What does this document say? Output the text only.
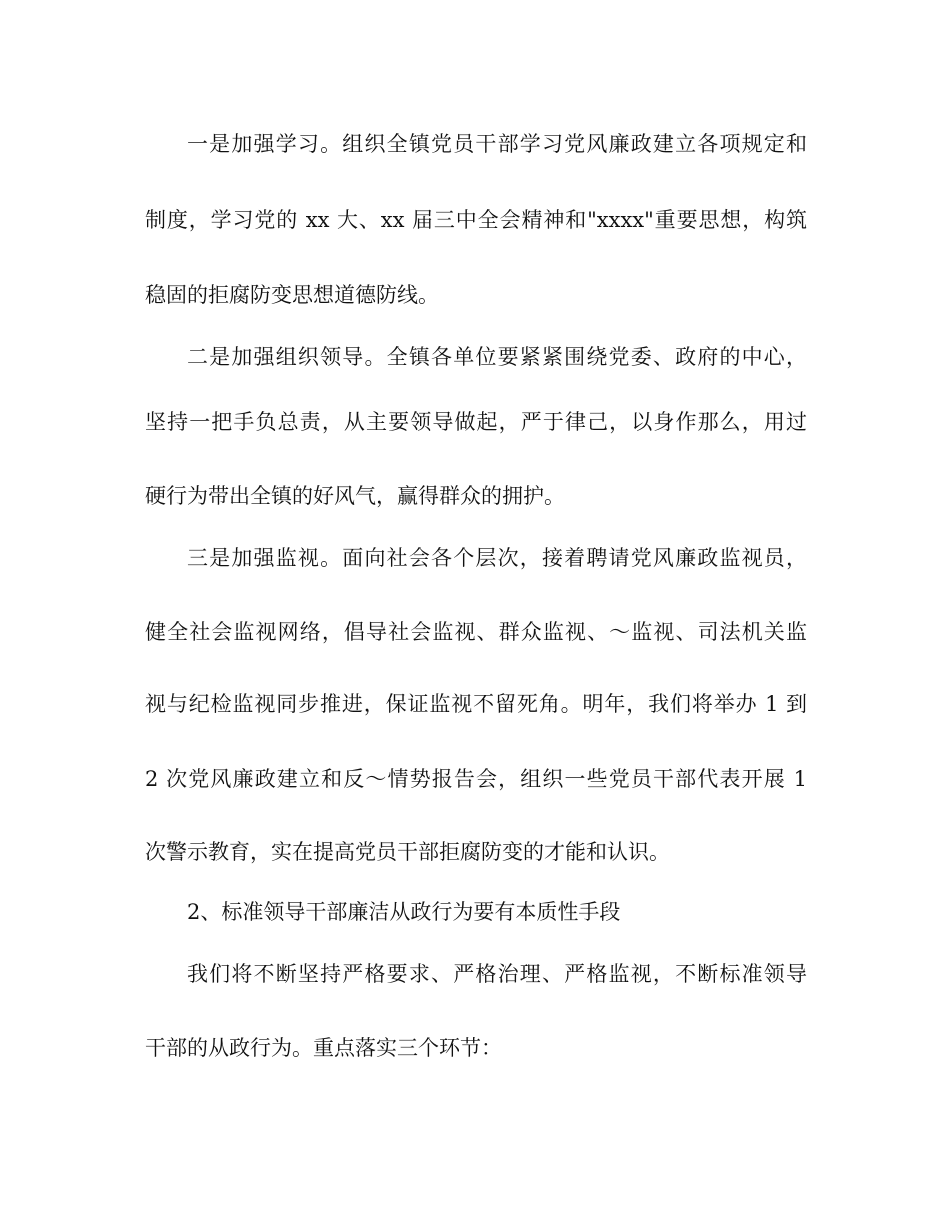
一是加强学习。组织全镇党员干部学习党风廉政建立各项规定和
制度，学习党的 xx 大、xx 届三中全会精神和"xxxx"重要思想，构筑
稳固的拒腐防变思想道德防线。
二是加强组织领导。全镇各单位要紧紧围绕党委、政府的中心，
坚持一把手负总责，从主要领导做起，严于律己，以身作那么，用过
硬行为带出全镇的好风气，赢得群众的拥护。
三是加强监视。面向社会各个层次，接着聘请党风廉政监视员，
健全社会监视网络，倡导社会监视、群众监视、～监视、司法机关监
视与纪检监视同步推进，保证监视不留死角。明年，我们将举办 1 到
2 次党风廉政建立和反～情势报告会，组织一些党员干部代表开展 1
次警示教育，实在提高党员干部拒腐防变的才能和认识。
2、标准领导干部廉洁从政行为要有本质性手段
我们将不断坚持严格要求、严格治理、严格监视，不断标准领导
干部的从政行为。重点落实三个环节：
